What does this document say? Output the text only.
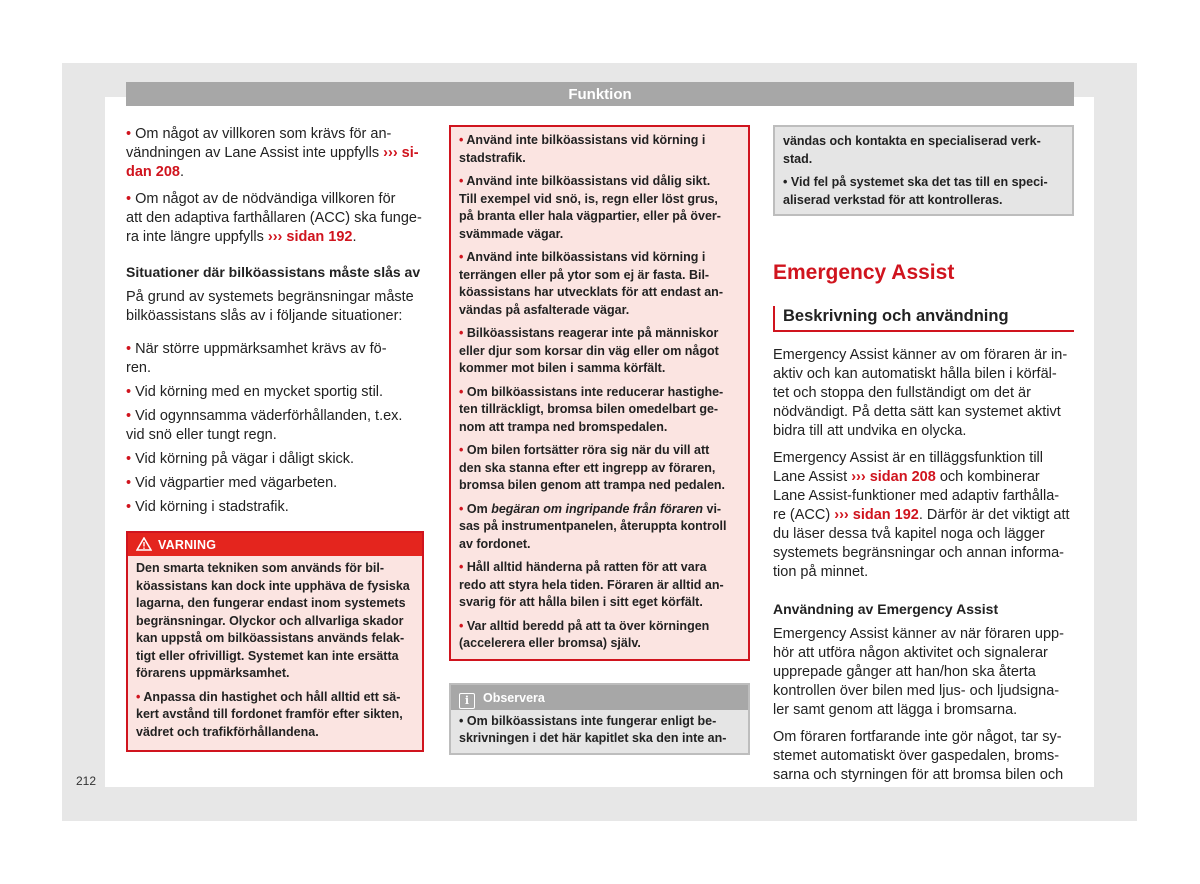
Funktion

• Om något av villkoren som krävs för an-
vändningen av Lane Assist inte uppfylls ››› si-
dan 208.

• Om något av de nödvändiga villkoren för
att den adaptiva farthållaren (ACC) ska funge-
ra inte längre uppfylls ››› sidan 192.

Situationer där bilköassistans måste slås av

På grund av systemets begränsningar måste
bilköassistans slås av i följande situationer:

• När större uppmärksamhet krävs av fö-
ren.

• Vid körning med en mycket sportig stil.

• Vid ogynnsamma väderförhållanden, t.ex.
vid snö eller tungt regn.

• Vid körning på vägar i dåligt skick.

• Vid vägpartier med vägarbeten.

• Vid körning i stadstrafik.

VARNING

Den smarta tekniken som används för bil-
köassistans kan dock inte upphäva de fysiska
lagarna, den fungerar endast inom systemets
begränsningar. Olyckor och allvarliga skador
kan uppstå om bilköassistans används felak-
tigt eller ofrivilligt. Systemet kan inte ersätta
förarens uppmärksamhet.

• Anpassa din hastighet och håll alltid ett sä-
kert avstånd till fordonet framför efter sikten,
vädret och trafikförhållandena.

• Använd inte bilköassistans vid körning i
stadstrafik.

• Använd inte bilköassistans vid dålig sikt.
Till exempel vid snö, is, regn eller löst grus,
på branta eller hala vägpartier, eller på över-
svämmade vägar.

• Använd inte bilköassistans vid körning i
terrängen eller på ytor som ej är fasta. Bil-
köassistans har utvecklats för att endast an-
vändas på asfalterade vägar.

• Bilköassistans reagerar inte på människor
eller djur som korsar din väg eller om något
kommer mot bilen i samma körfält.

• Om bilköassistans inte reducerar hastighe-
ten tillräckligt, bromsa bilen omedelbart ge-
nom att trampa ned bromspedalen.

• Om bilen fortsätter röra sig när du vill att
den ska stanna efter ett ingrepp av föraren,
bromsa bilen genom att trampa ned pedalen.

• Om begäran om ingripande från föraren vi-
sas på instrumentpanelen, återuppta kontroll
av fordonet.

• Håll alltid händerna på ratten för att vara
redo att styra hela tiden. Föraren är alltid an-
svarig för att hålla bilen i sitt eget körfält.

• Var alltid beredd på att ta över körningen
(accelerera eller bromsa) själv.

i Observera

• Om bilköassistans inte fungerar enligt be-
skrivningen i det här kapitlet ska den inte an-

vändas och kontakta en specialiserad verk-
stad.

• Vid fel på systemet ska det tas till en speci-
aliserad verkstad för att kontrolleras.

Emergency Assist
Beskrivning och användning

Emergency Assist känner av om föraren är in-
aktiv och kan automatiskt hålla bilen i körfäl-
tet och stoppa den fullständigt om det är
nödvändigt. På detta sätt kan systemet aktivt
bidra till att undvika en olycka.

Emergency Assist är en tilläggsfunktion till
Lane Assist ››› sidan 208 och kombinerar
Lane Assist-funktioner med adaptiv farthålla-
re (ACC) ››› sidan 192. Därför är det viktigt att
du läser dessa två kapitel noga och lägger
systemets begränsningar och annan informa-
tion på minnet.

Användning av Emergency Assist

Emergency Assist känner av när föraren upp-
hör att utföra någon aktivitet och signalerar
upprepade gånger att han/hon ska återta
kontrollen över bilen med ljus- och ljudsigna-
ler samt genom att lägga i bromsarna.

Om föraren fortfarande inte gör något, tar sy-
stemet automatiskt över gaspedalen, broms-
sarna och styrningen för att bromsa bilen och

212
